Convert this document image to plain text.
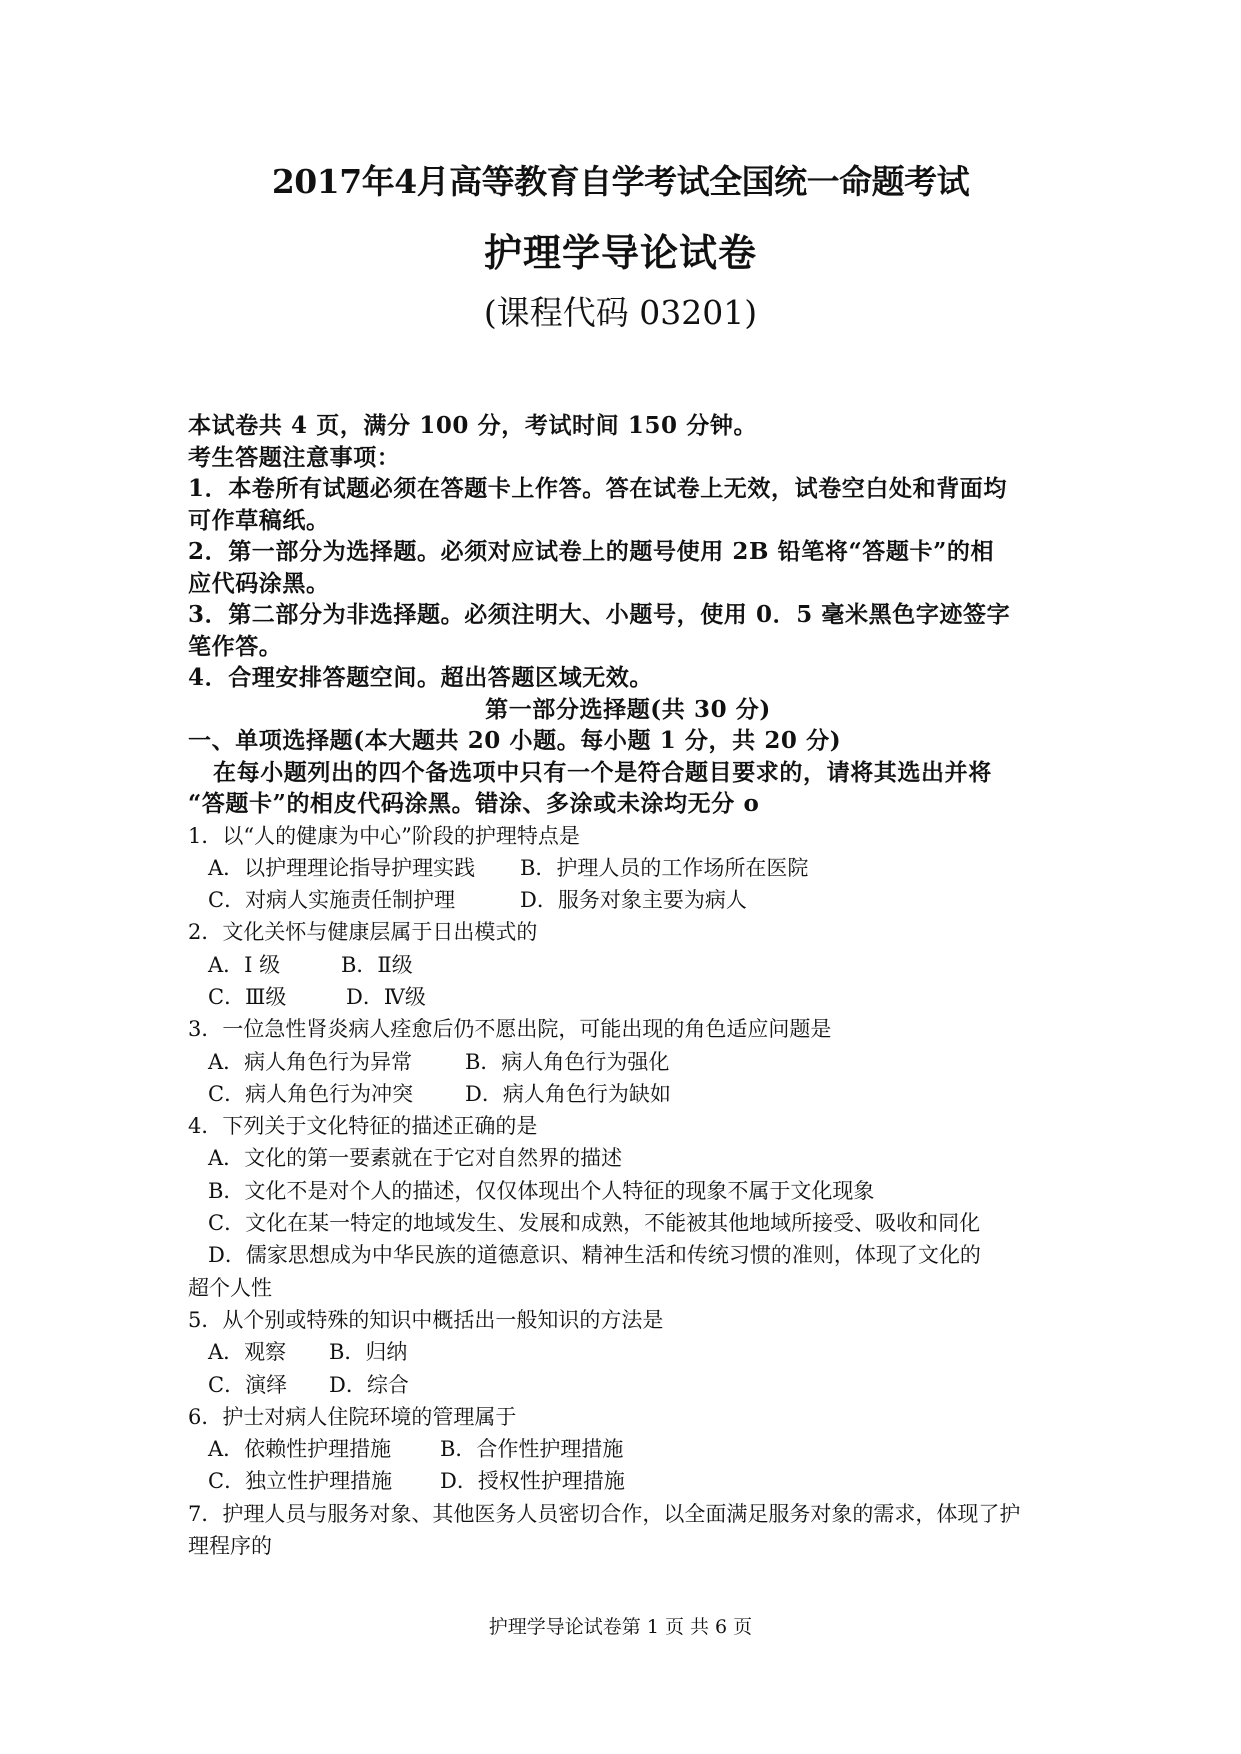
2017年4月高等教育自学考试全国统一命题考试
护理学导论试卷
(课程代码 03201)
本试卷共 4 页，满分 100 分，考试时间 150 分钟。
考生答题注意事项：
1．本卷所有试题必须在答题卡上作答。答在试卷上无效，试卷空白处和背面均
可作草稿纸。
2．第一部分为选择题。必须对应试卷上的题号使用 2B 铅笔将“答题卡”的相
应代码涂黑。
3．第二部分为非选择题。必须注明大、小题号，使用 0．5 毫米黑色字迹签字
笔作答。
4．合理安排答题空间。超出答题区域无效。
第一部分选择题(共 30 分)
一、单项选择题(本大题共 20 小题。每小题 1 分，共 20 分)
在每小题列出的四个备选项中只有一个是符合题目要求的，请将其选出并将
“答题卡”的相皮代码涂黑。错涂、多涂或未涂均无分 o
1．以“人的健康为中心”阶段的护理特点是
A．以护理理论指导护理实践 B．护理人员的工作场所在医院
C．对病人实施责任制护理	D．服务对象主要为病人
2．文化关怀与健康层属于日出模式的
A．I 级	B．Ⅱ级
C．Ⅲ级	D．Ⅳ级
3．一位急性肾炎病人痊愈后仍不愿出院，可能出现的角色适应问题是
A．病人角色行为异常	B．病人角色行为强化
C．病人角色行为冲突 D．病人角色行为缺如
4．下列关于文化特征的描述正确的是
A．文化的第一要素就在于它对自然界的描述
B．文化不是对个人的描述，仅仅体现出个人特征的现象不属于文化现象
C．文化在某一特定的地域发生、发展和成熟，不能被其他地域所接受、吸收和同化
D．儒家思想成为中华民族的道德意识、精神生活和传统习惯的准则，体现了文化的
超个人性
5．从个别或特殊的知识中概括出一般知识的方法是
A．观察 B．归纳
C．演绎 D．综合
6．护士对病人住院环境的管理属于
A．依赖性护理措施 B．合作性护理措施
C．独立性护理措施 D．授权性护理措施
7．护理人员与服务对象、其他医务人员密切合作，以全面满足服务对象的需求，体现了护
理程序的
护理学导论试卷第 1 页 共 6 页
